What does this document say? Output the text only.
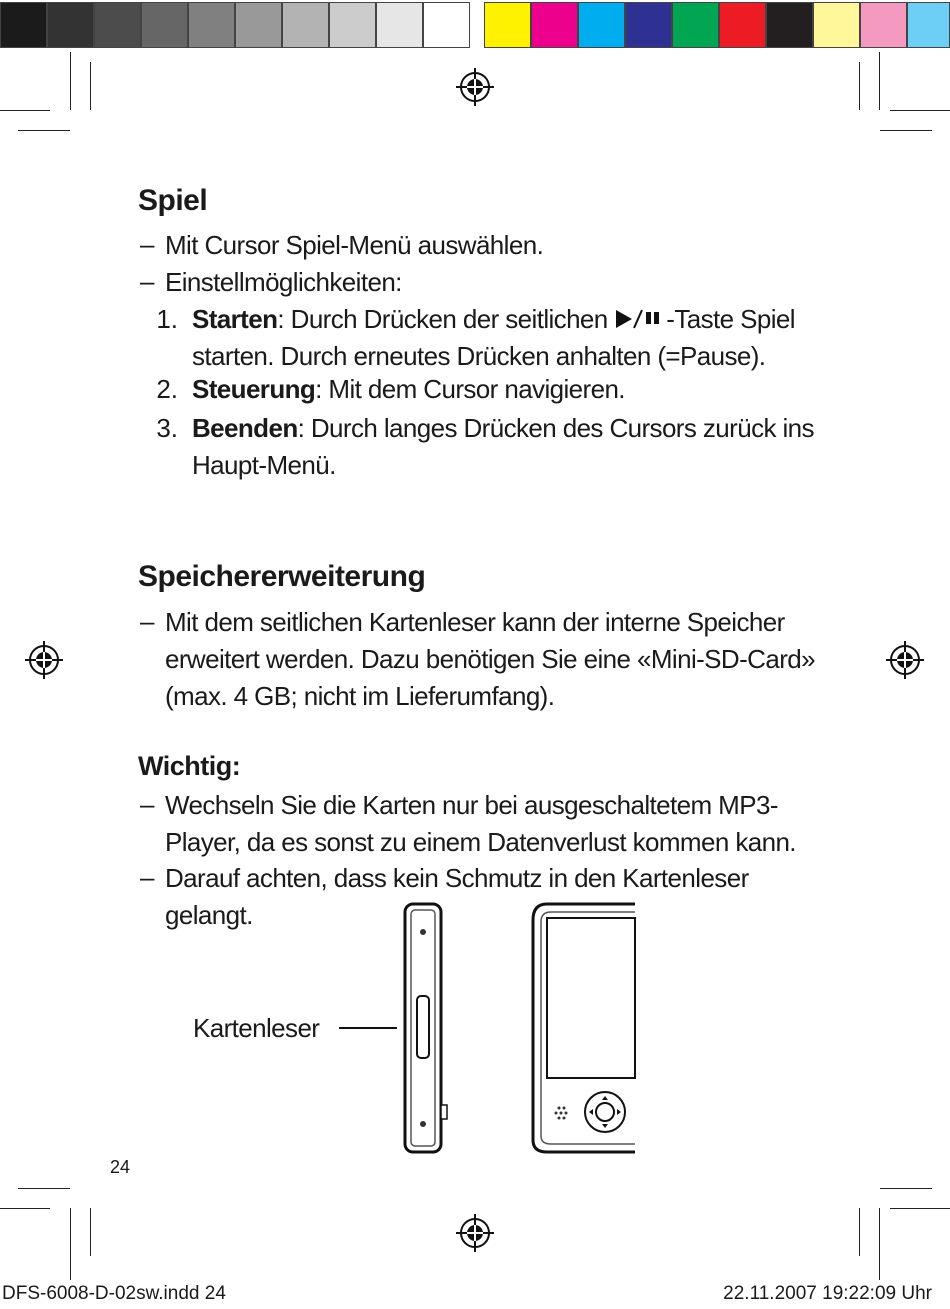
Spiel
– Mit Cursor Spiel-Menü auswählen.
– Einstellmöglichkeiten:
1. Starten: Durch Drücken der seitlichen -Taste Spiel
starten. Durch erneutes Drücken anhalten (=Pause).
2. Steuerung: Mit dem Cursor navigieren.
3. Beenden: Durch langes Drücken des Cursors zurück ins
Haupt-Menü.
Speichererweiterung
– Mit dem seitlichen Kartenleser kann der interne Speicher
erweitert werden. Dazu benötigen Sie eine «Mini-SD-Card»
(max. 4 GB; nicht im Lieferumfang).
Wichtig:
– Wechseln Sie die Karten nur bei ausgeschaltetem MP3-
Player, da es sonst zu einem Datenverlust kommen kann.
– Darauf achten, dass kein Schmutz in den Kartenleser
gelangt.
Kartenleser
24
DFS-6008-D-02sw.indd 24	22.11.2007 19:22:09 Uhr
